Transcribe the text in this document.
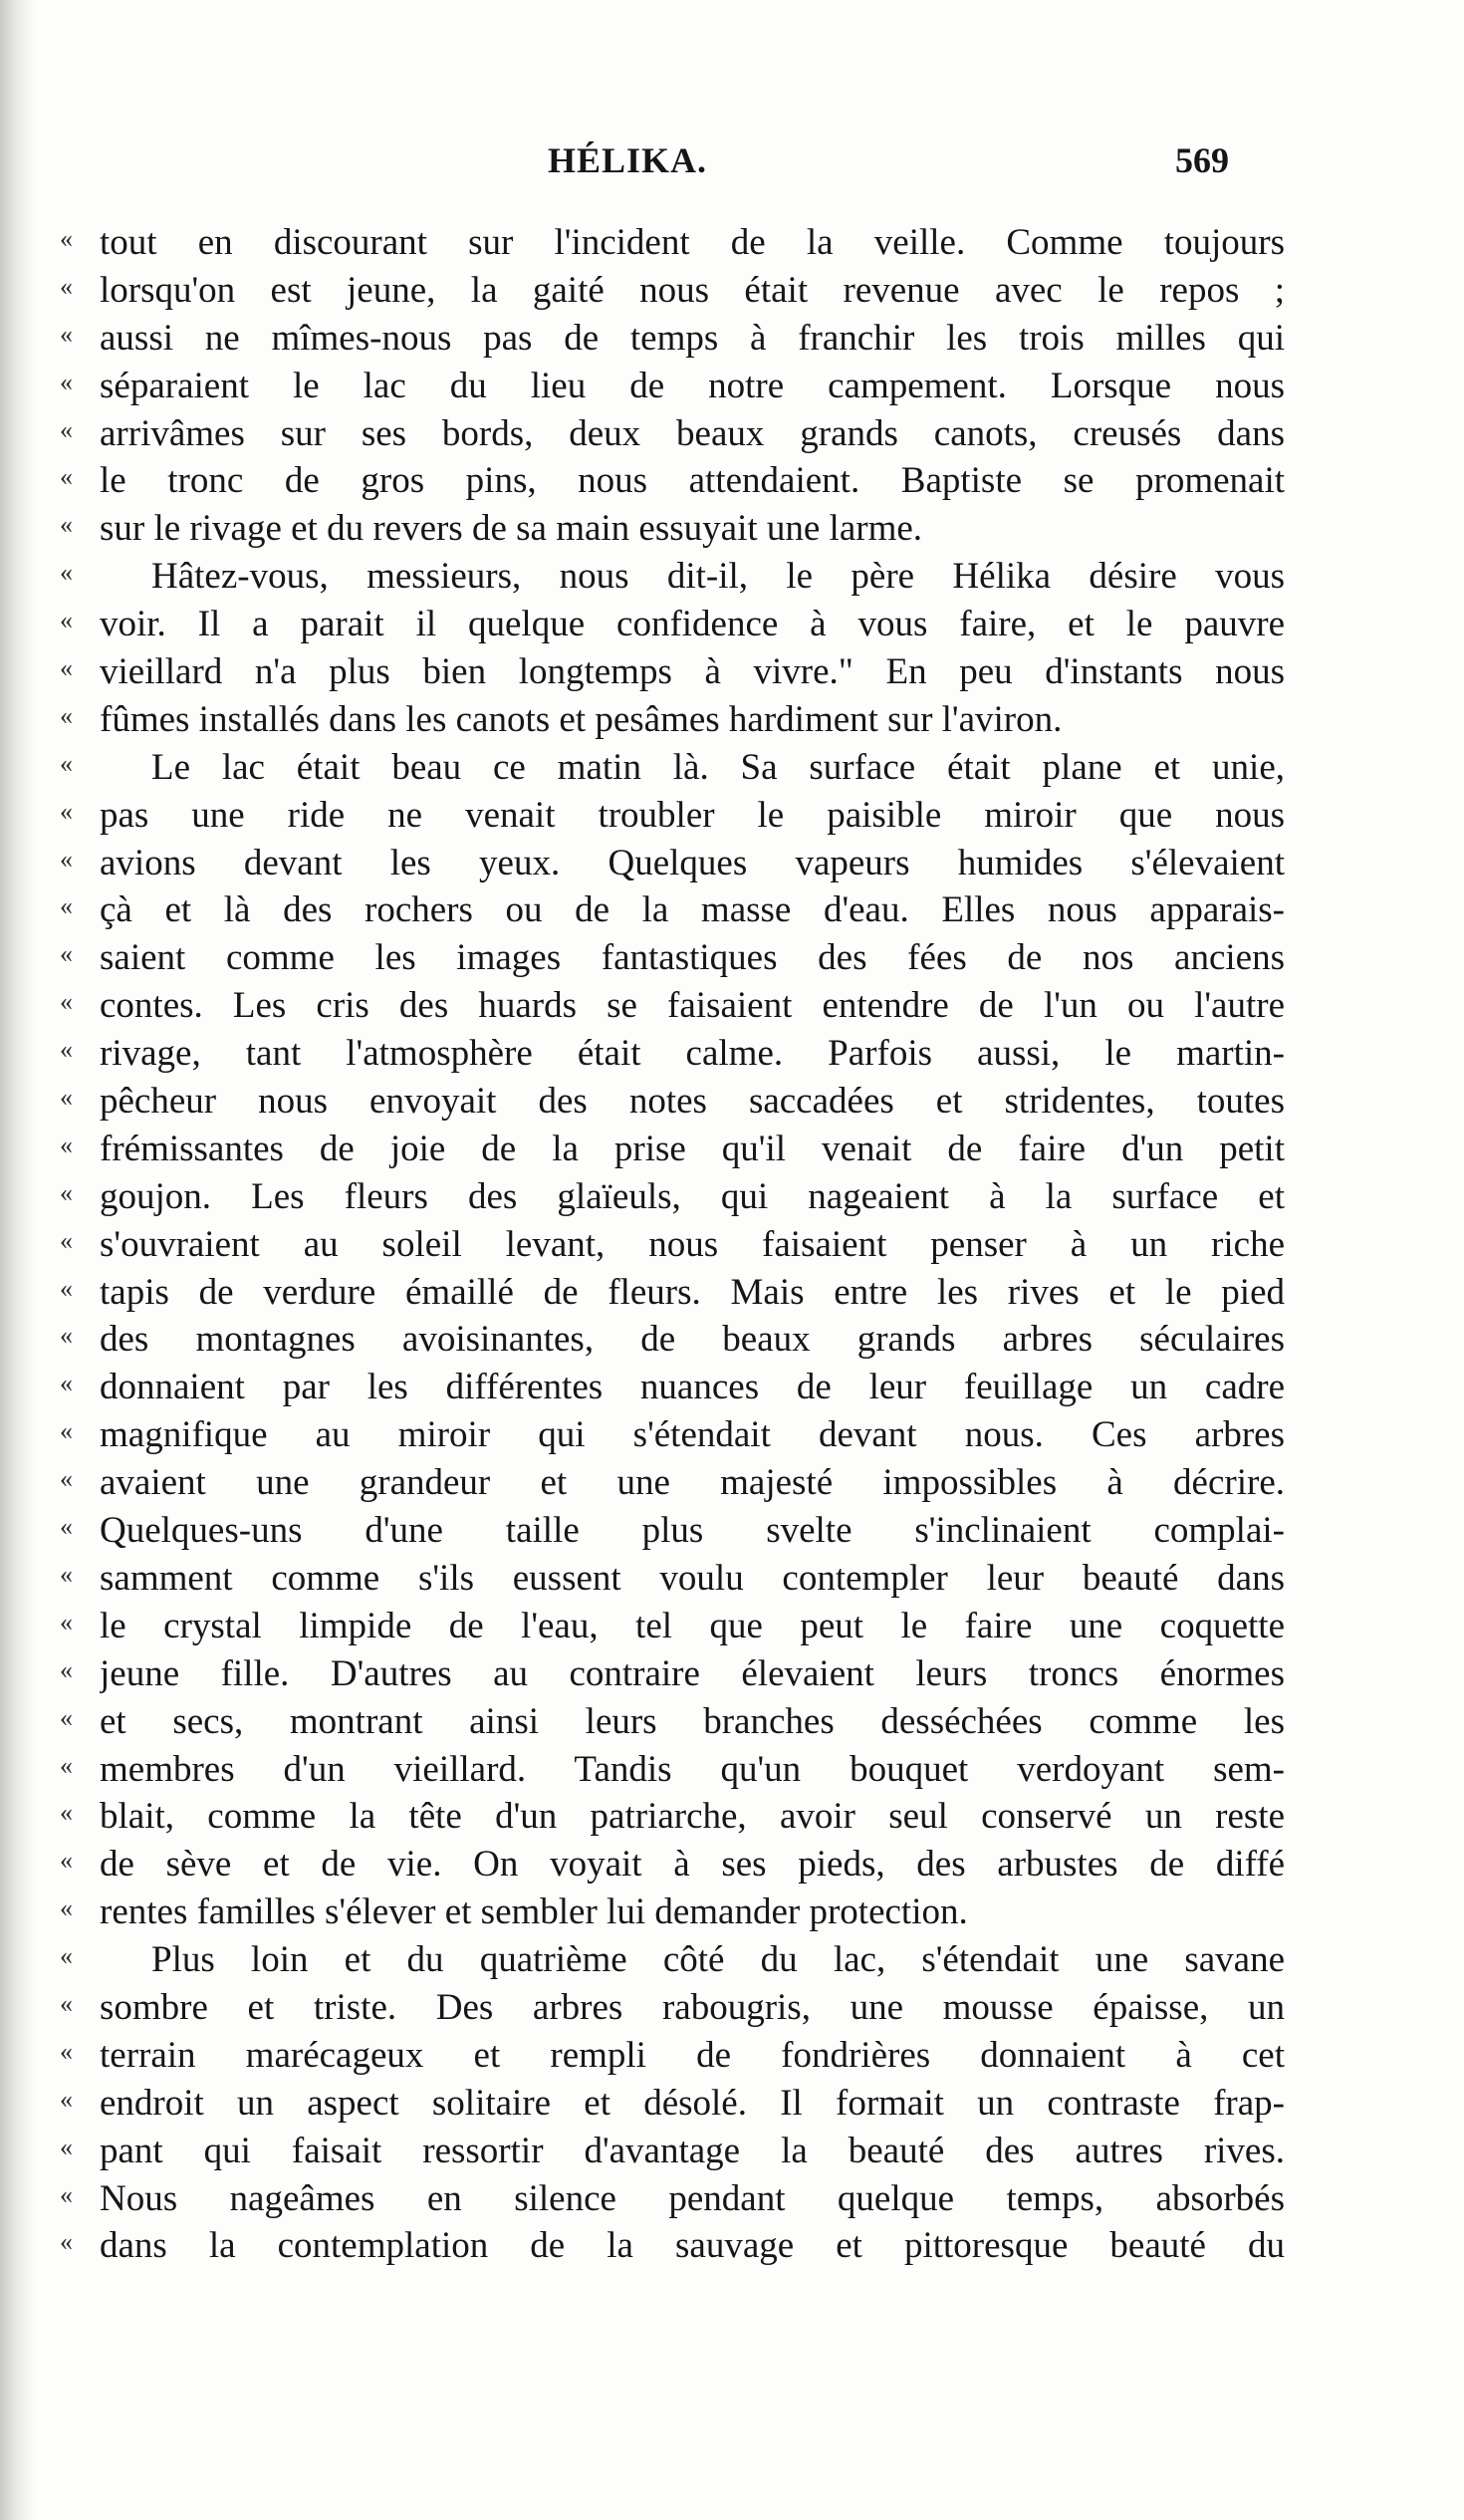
HÉLIKA.	569
« tout en discourant sur l'incident de la veille. Comme toujours
« lorsqu'on est jeune, la gaité nous était revenue avec le repos ;
« aussi ne mîmes-nous pas de temps à franchir les trois milles qui
« séparaient le lac du lieu de notre campement. Lorsque nous
« arrivâmes sur ses bords, deux beaux grands canots, creusés dans
« le tronc de gros pins, nous attendaient. Baptiste se promenait
« sur le rivage et du revers de sa main essuyait une larme.
«	Hâtez-vous, messieurs, nous dit-il, le père Hélika désire vous
« voir. Il a parait il quelque confidence à vous faire, et le pauvre
« vieillard n'a plus bien longtemps à vivre." En peu d'instants nous
« fûmes installés dans les canots et pesâmes hardiment sur l'aviron.
«	Le lac était beau ce matin là. Sa surface était plane et unie,
« pas une ride ne venait troubler le paisible miroir que nous
« avions devant les yeux. Quelques vapeurs humides s'élevaient
« çà et là des rochers ou de la masse d'eau. Elles nous apparais-
« saient comme les images fantastiques des fées de nos anciens
« contes. Les cris des huards se faisaient entendre de l'un ou l'autre
« rivage, tant l'atmosphère était calme. Parfois aussi, le martin-
« pêcheur nous envoyait des notes saccadées et stridentes, toutes
« frémissantes de joie de la prise qu'il venait de faire d'un petit
« goujon. Les fleurs des glaïeuls, qui nageaient à la surface et
« s'ouvraient au soleil levant, nous faisaient penser à un riche
« tapis de verdure émaillé de fleurs. Mais entre les rives et le pied
« des montagnes avoisinantes, de beaux grands arbres séculaires
« donnaient par les différentes nuances de leur feuillage un cadre
« magnifique au miroir qui s'étendait devant nous. Ces arbres
« avaient une grandeur et une majesté impossibles à décrire.
« Quelques-uns d'une taille plus svelte s'inclinaient complai-
« samment comme s'ils eussent voulu contempler leur beauté dans
« le crystal limpide de l'eau, tel que peut le faire une coquette
« jeune fille. D'autres au contraire élevaient leurs troncs énormes
« et secs, montrant ainsi leurs branches desséchées comme les
« membres d'un vieillard. Tandis qu'un bouquet verdoyant sem-
« blait, comme la tête d'un patriarche, avoir seul conservé un reste
« de sève et de vie. On voyait à ses pieds, des arbustes de diffé
« rentes familles s'élever et sembler lui demander protection.
«	Plus loin et du quatrième côté du lac, s'étendait une savane
« sombre et triste. Des arbres rabougris, une mousse épaisse, un
« terrain marécageux et rempli de fondrières donnaient à cet
« endroit un aspect solitaire et désolé. Il formait un contraste frap-
« pant qui faisait ressortir d'avantage la beauté des autres rives.
« Nous nageâmes en silence pendant quelque temps, absorbés
« dans la contemplation de la sauvage et pittoresque beauté du
